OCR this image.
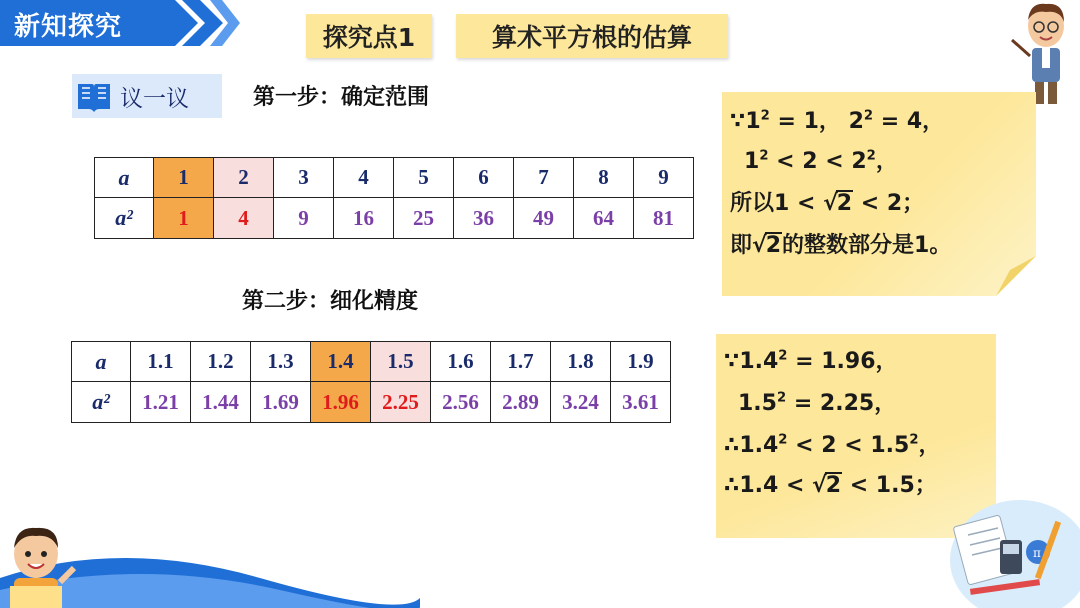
新知探究	探究点1	算术平方根的估算
议一议	第一步：确定范围
a	1	2	3	4	5	6	7	8	9
a²	1	4	9	16	25	36	49	64	81
第二步：细化精度
a	1.1	1.2	1.3	1.4	1.5	1.6	1.7	1.8	1.9
a²	1.21	1.44	1.69	1.96	2.25	2.56	2.89	3.24	3.61
$\because 1^2 = 1$， $2^2 = 4$，
$1^2 < 2 < 2^2$，
所以1 < √2 < 2；
即√2的整数部分是1。
$\because 1.4^2 = 1.96$，
$1.5^2 = 2.25$，
$\therefore 1.4^2 < 2 < 1.5^2$，
∴1.4 < √2 < 1.5；
π
